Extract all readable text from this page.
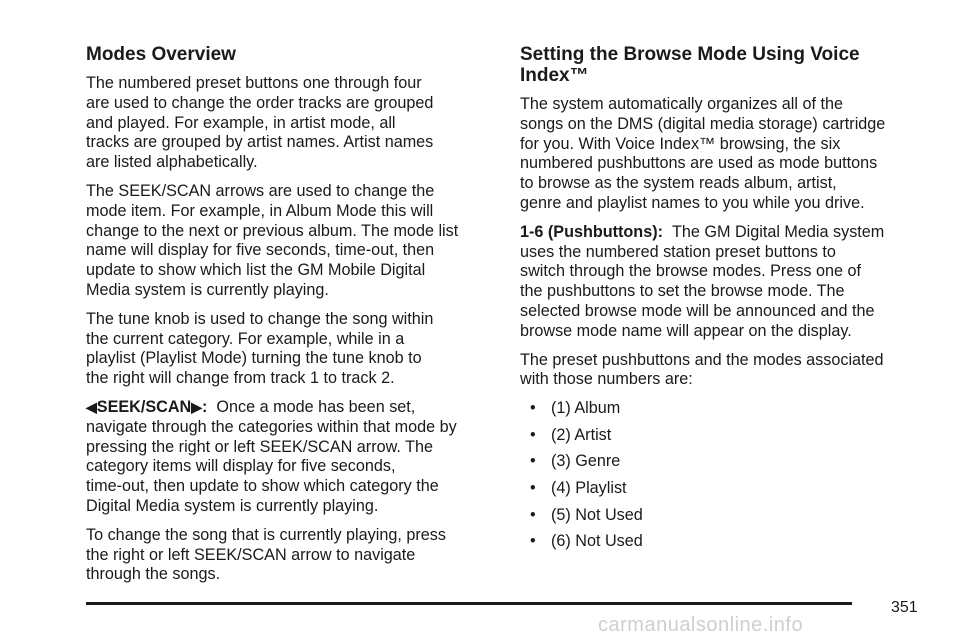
Modes Overview

The numbered preset buttons one through four
are used to change the order tracks are grouped
and played. For example, in artist mode, all
tracks are grouped by artist names. Artist names
are listed alphabetically.

The SEEK/SCAN arrows are used to change the
mode item. For example, in Album Mode this will
change to the next or previous album. The mode list
name will display for five seconds, time-out, then
update to show which list the GM Mobile Digital
Media system is currently playing.

The tune knob is used to change the song within
the current category. For example, while in a
playlist (Playlist Mode) turning the tune knob to
the right will change from track 1 to track 2.

◀SEEK/SCAN▶: Once a mode has been set,
navigate through the categories within that mode by
pressing the right or left SEEK/SCAN arrow. The
category items will display for five seconds,
time-out, then update to show which category the
Digital Media system is currently playing.

To change the song that is currently playing, press
the right or left SEEK/SCAN arrow to navigate
through the songs.

Setting the Browse Mode Using Voice
Index™

The system automatically organizes all of the
songs on the DMS (digital media storage) cartridge
for you. With Voice Index™ browsing, the six
numbered pushbuttons are used as mode buttons
to browse as the system reads album, artist,
genre and playlist names to you while you drive.

1-6 (Pushbuttons): The GM Digital Media system
uses the numbered station preset buttons to
switch through the browse modes. Press one of
the pushbuttons to set the browse mode. The
selected browse mode will be announced and the
browse mode name will appear on the display.

The preset pushbuttons and the modes associated
with those numbers are:

• (1) Album
• (2) Artist
• (3) Genre
• (4) Playlist
• (5) Not Used
• (6) Not Used
351
carmanualsonline.info
